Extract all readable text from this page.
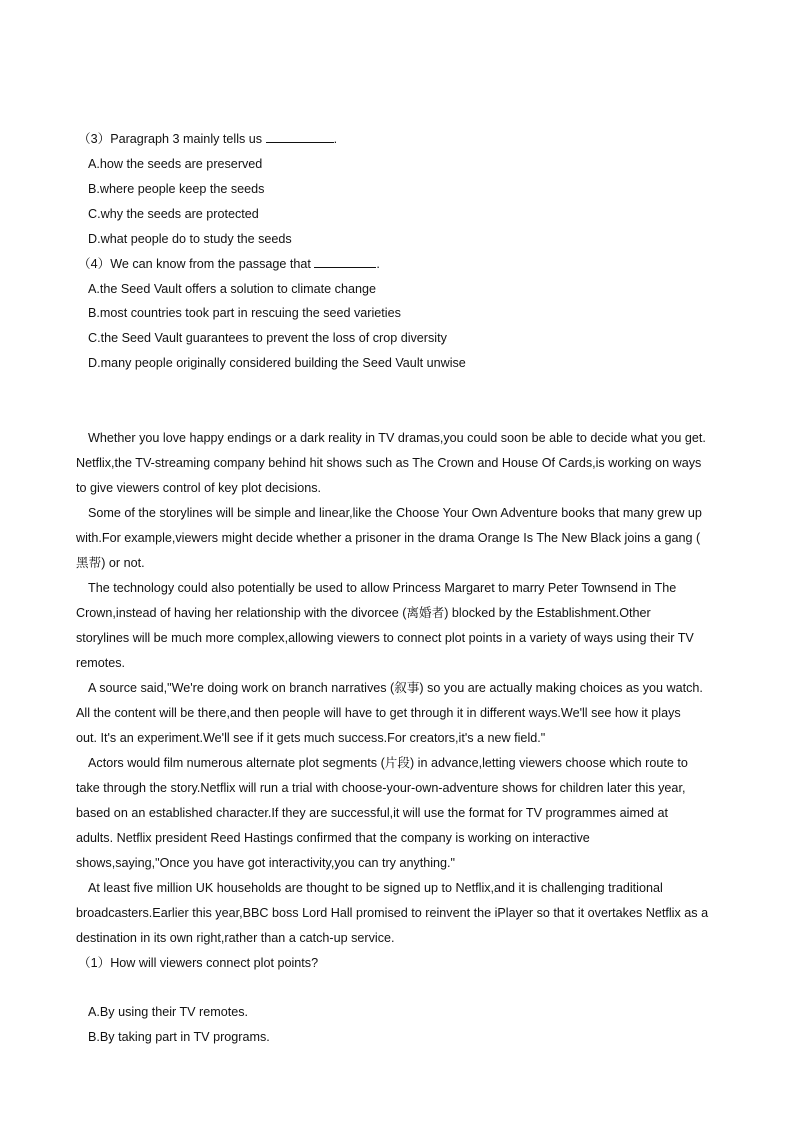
（3）Paragraph 3 mainly tells us	.
A.how the seeds are preserved
B.where people keep the seeds
C.why the seeds are protected
D.what people do to study the seeds
（4）We can know from the passage that	.
A.the Seed Vault offers a solution to climate change
B.most countries took part in rescuing the seed varieties
C.the Seed Vault guarantees to prevent the loss of crop diversity
D.many people originally considered building the Seed Vault unwise
Whether you love happy endings or a dark reality in TV dramas,you could soon be able to decide what you get.
Netflix,the TV-streaming company behind hit shows such as The Crown and House Of Cards,is working on ways
to give viewers control of key plot decisions.
Some of the storylines will be simple and linear,like the Choose Your Own Adventure books that many grew up
with.For example,viewers might decide whether a prisoner in the drama Orange Is The New Black joins a gang (
黑帮) or not.
The technology could also potentially be used to allow Princess Margaret to marry Peter Townsend in The
Crown,instead of having her relationship with the divorcee (离婚者) blocked by the Establishment.Other
storylines will be much more complex,allowing viewers to connect plot points in a variety of ways using their TV
remotes.
A source said,"We're doing work on branch narratives (叙事) so you are actually making choices as you watch.
All the content will be there,and then people will have to get through it in different ways.We'll see how it plays
out. It's an experiment.We'll see if it gets much success.For creators,it's a new field."
Actors would film numerous alternate plot segments (片段) in advance,letting viewers choose which route to
take through the story.Netflix will run a trial with choose-your-own-adventure shows for children later this year,
based on an established character.If they are successful,it will use the format for TV programmes aimed at
adults. Netflix president Reed Hastings confirmed that the company is working on interactive
shows,saying,"Once you have got interactivity,you can try anything."
At least five million UK households are thought to be signed up to Netflix,and it is challenging traditional
broadcasters.Earlier this year,BBC boss Lord Hall promised to reinvent the iPlayer so that it overtakes Netflix as a
destination in its own right,rather than a catch-up service.
（1）How will viewers connect plot points?
A.By using their TV remotes.
B.By taking part in TV programs.
